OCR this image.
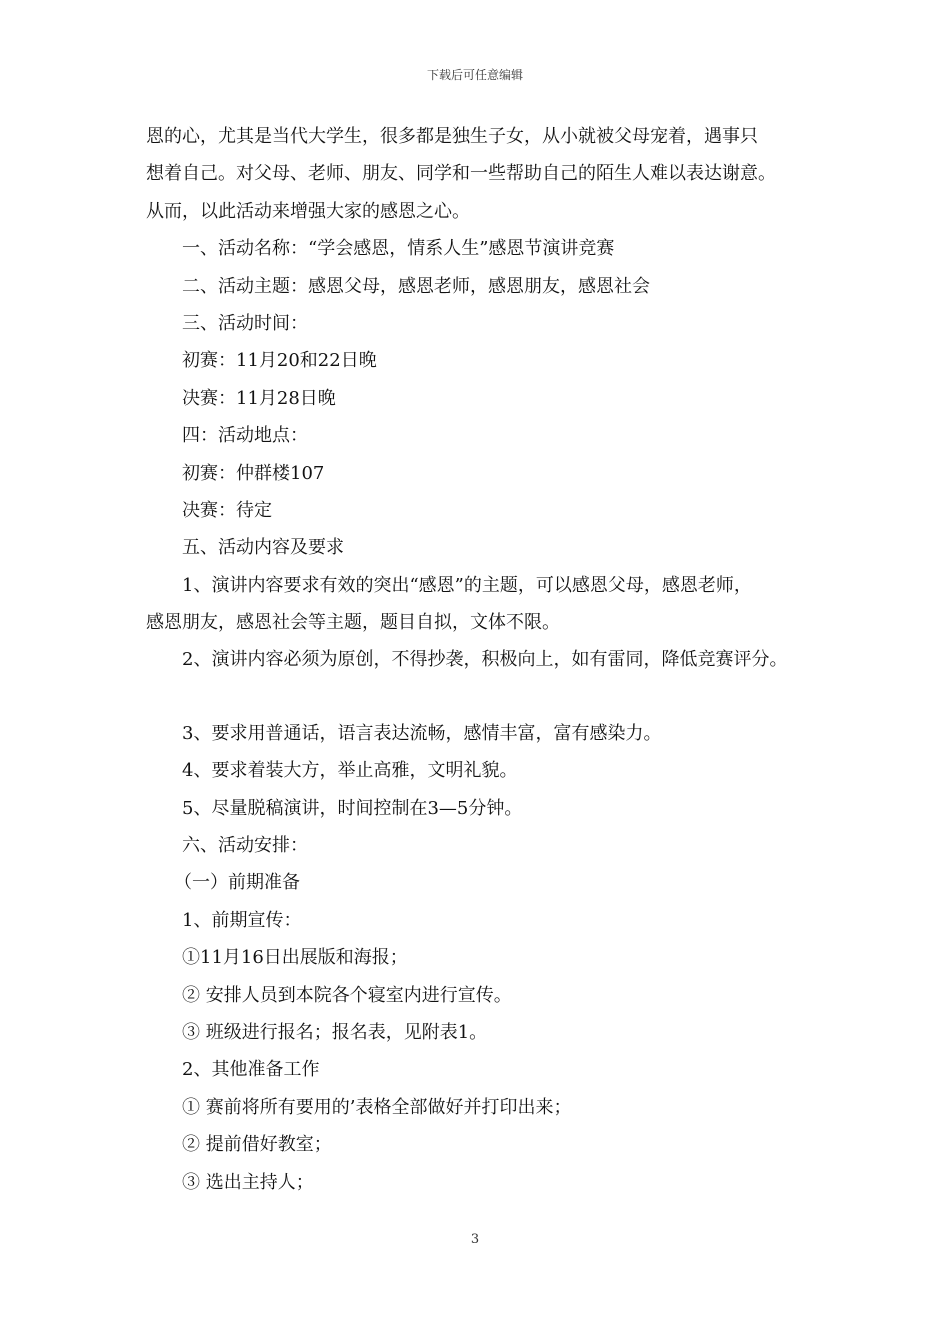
下载后可任意编辑
恩的心，尤其是当代大学生，很多都是独生子女，从小就被父母宠着，遇事只
想着自己。对父母、老师、朋友、同学和一些帮助自己的陌生人难以表达谢意。
从而，以此活动来增强大家的感恩之心。
一、活动名称：“学会感恩，情系人生”感恩节演讲竞赛
二、活动主题：感恩父母，感恩老师，感恩朋友，感恩社会
三、活动时间：
初赛：11月20和22日晚
决赛：11月28日晚
四：活动地点：
初赛：仲群楼107
决赛：待定
五、活动内容及要求
1、演讲内容要求有效的突出“感恩”的主题，可以感恩父母，感恩老师，
感恩朋友，感恩社会等主题，题目自拟，文体不限。
2、演讲内容必须为原创，不得抄袭，积极向上，如有雷同，降低竞赛评分。
3、要求用普通话，语言表达流畅，感情丰富，富有感染力。
4、要求着装大方，举止高雅，文明礼貌。
5、尽量脱稿演讲，时间控制在3—5分钟。
六、活动安排：
（一）前期准备
1、前期宣传：
①11月16日出展版和海报；
② 安排人员到本院各个寝室内进行宣传。
③ 班级进行报名；报名表，见附表1。
2、其他准备工作
① 赛前将所有要用的’表格全部做好并打印出来；
② 提前借好教室；
③ 选出主持人；
3
